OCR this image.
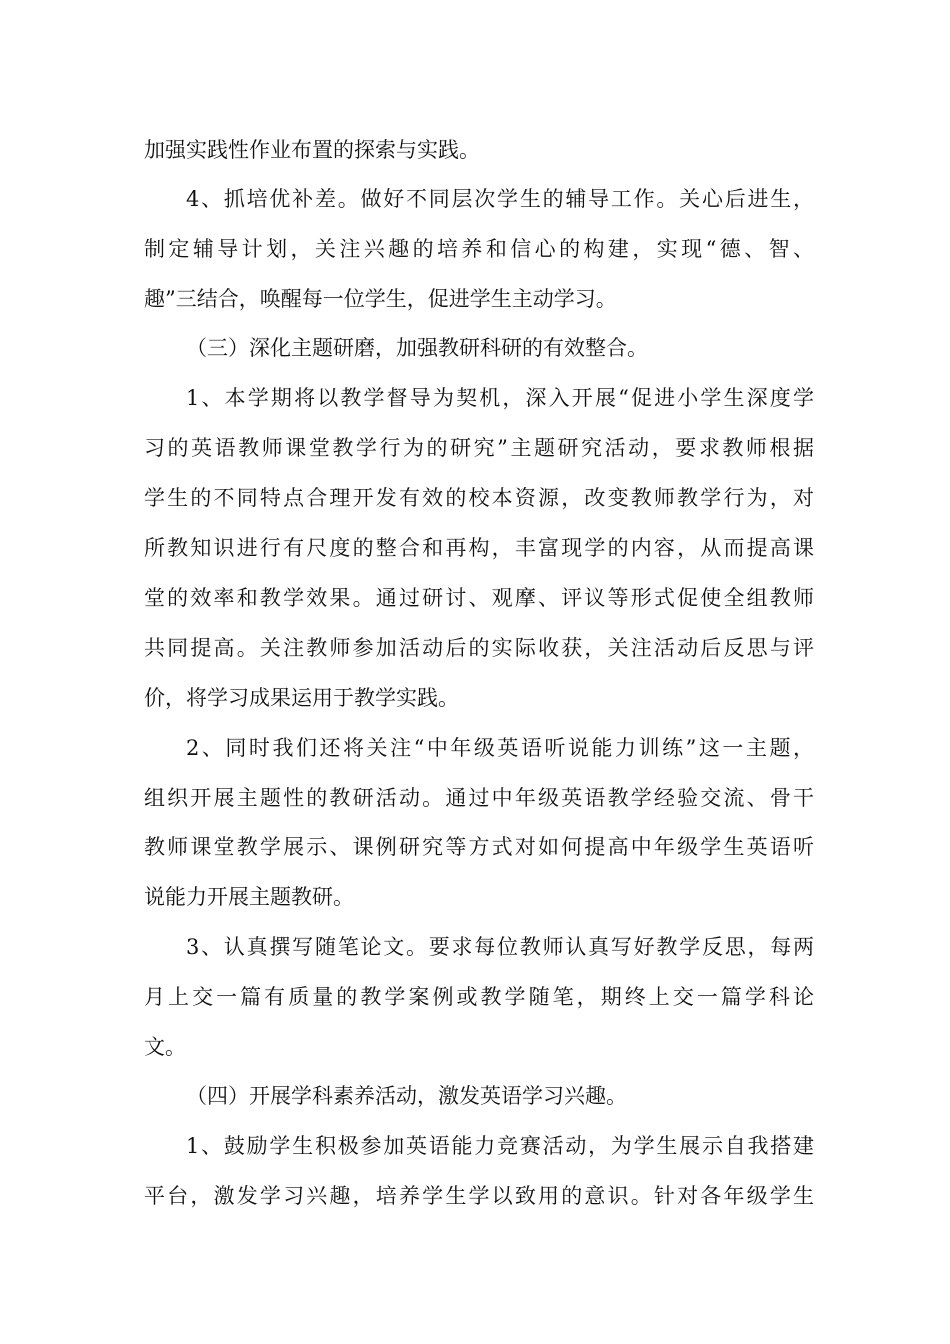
加强实践性作业布置的探索与实践。
4、抓培优补差。做好不同层次学生的辅导工作。关心后进生，
制定辅导计划，关注兴趣的培养和信心的构建，实现“德、智、
趣”三结合，唤醒每一位学生，促进学生主动学习。
（三）深化主题研磨，加强教研科研的有效整合。
1、本学期将以教学督导为契机，深入开展“促进小学生深度学
习的英语教师课堂教学行为的研究”主题研究活动，要求教师根据
学生的不同特点合理开发有效的校本资源，改变教师教学行为，对
所教知识进行有尺度的整合和再构，丰富现学的内容，从而提高课
堂的效率和教学效果。通过研讨、观摩、评议等形式促使全组教师
共同提高。关注教师参加活动后的实际收获，关注活动后反思与评
价，将学习成果运用于教学实践。
2、同时我们还将关注“中年级英语听说能力训练”这一主题，
组织开展主题性的教研活动。通过中年级英语教学经验交流、骨干
教师课堂教学展示、课例研究等方式对如何提高中年级学生英语听
说能力开展主题教研。
3、认真撰写随笔论文。要求每位教师认真写好教学反思，每两
月上交一篇有质量的教学案例或教学随笔，期终上交一篇学科论
文。
（四）开展学科素养活动，激发英语学习兴趣。
1、鼓励学生积极参加英语能力竞赛活动，为学生展示自我搭建
平台，激发学习兴趣，培养学生学以致用的意识。针对各年级学生
